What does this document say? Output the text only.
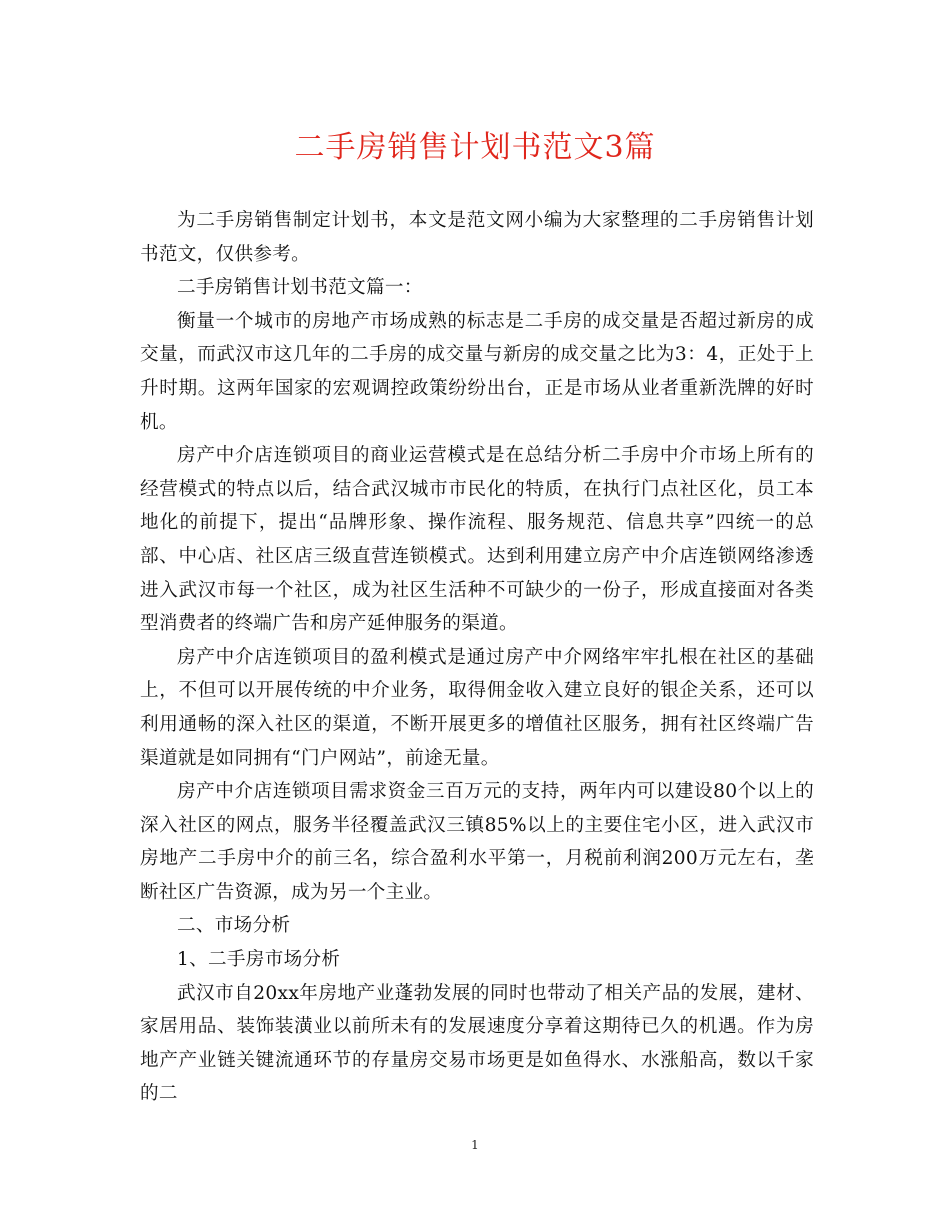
二手房销售计划书范文3篇

为二手房销售制定计划书，本文是范文网小编为大家整理的二手房销售计划书范文，仅供参考。

二手房销售计划书范文篇一：

衡量一个城市的房地产市场成熟的标志是二手房的成交量是否超过新房的成交量，而武汉市这几年的二手房的成交量与新房的成交量之比为3：4，正处于上升时期。这两年国家的宏观调控政策纷纷出台，正是市场从业者重新洗牌的好时机。

房产中介店连锁项目的商业运营模式是在总结分析二手房中介市场上所有的经营模式的特点以后，结合武汉城市市民化的特质，在执行门点社区化，员工本地化的前提下，提出“品牌形象、操作流程、服务规范、信息共享”四统一的总部、中心店、社区店三级直营连锁模式。达到利用建立房产中介店连锁网络渗透进入武汉市每一个社区，成为社区生活种不可缺少的一份子，形成直接面对各类型消费者的终端广告和房产延伸服务的渠道。

房产中介店连锁项目的盈利模式是通过房产中介网络牢牢扎根在社区的基础上，不但可以开展传统的中介业务，取得佣金收入建立良好的银企关系，还可以利用通畅的深入社区的渠道，不断开展更多的增值社区服务，拥有社区终端广告渠道就是如同拥有“门户网站”，前途无量。

房产中介店连锁项目需求资金三百万元的支持，两年内可以建设80个以上的深入社区的网点，服务半径覆盖武汉三镇85%以上的主要住宅小区，进入武汉市房地产二手房中介的前三名，综合盈利水平第一，月税前利润200万元左右，垄断社区广告资源，成为另一个主业。

二、市场分析

1、二手房市场分析

武汉市自20xx年房地产业蓬勃发展的同时也带动了相关产品的发展，建材、家居用品、装饰装潢业以前所未有的发展速度分享着这期待已久的机遇。作为房地产产业链关键流通环节的存量房交易市场更是如鱼得水、水涨船高，数以千家的二

1
